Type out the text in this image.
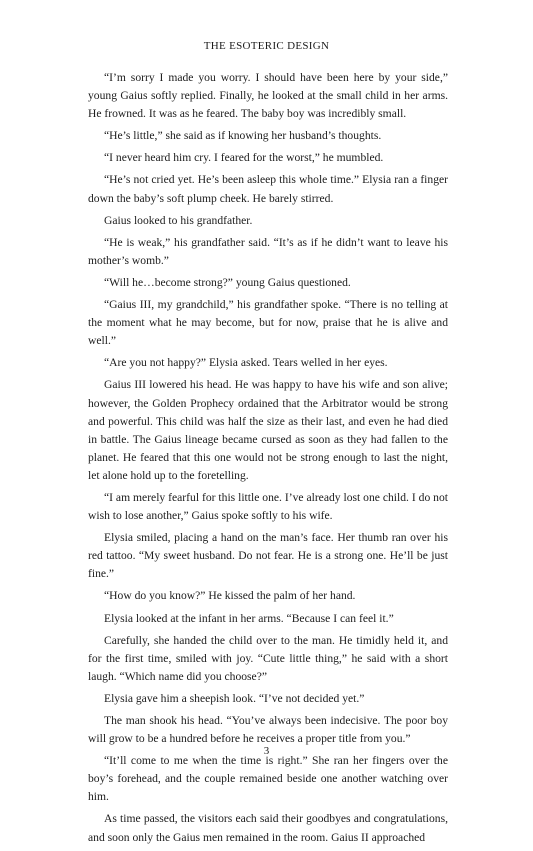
THE ESOTERIC DESIGN

“I’m sorry I made you worry. I should have been here by your side,” young Gaius softly replied. Finally, he looked at the small child in her arms. He frowned. It was as he feared. The baby boy was incredibly small.

“He’s little,” she said as if knowing her husband’s thoughts.

“I never heard him cry. I feared for the worst,” he mumbled.

“He’s not cried yet. He’s been asleep this whole time.” Elysia ran a finger down the baby’s soft plump cheek. He barely stirred.

Gaius looked to his grandfather.

“He is weak,” his grandfather said. “It’s as if he didn’t want to leave his mother’s womb.”

“Will he…become strong?” young Gaius questioned.

“Gaius III, my grandchild,” his grandfather spoke. “There is no telling at the moment what he may become, but for now, praise that he is alive and well.”

“Are you not happy?” Elysia asked. Tears welled in her eyes.

Gaius III lowered his head. He was happy to have his wife and son alive; however, the Golden Prophecy ordained that the Arbitrator would be strong and powerful. This child was half the size as their last, and even he had died in battle. The Gaius lineage became cursed as soon as they had fallen to the planet. He feared that this one would not be strong enough to last the night, let alone hold up to the foretelling.

“I am merely fearful for this little one. I’ve already lost one child. I do not wish to lose another,” Gaius spoke softly to his wife.

Elysia smiled, placing a hand on the man’s face. Her thumb ran over his red tattoo. “My sweet husband. Do not fear. He is a strong one. He’ll be just fine.”

“How do you know?” He kissed the palm of her hand.

Elysia looked at the infant in her arms. “Because I can feel it.”

Carefully, she handed the child over to the man. He timidly held it, and for the first time, smiled with joy. “Cute little thing,” he said with a short laugh. “Which name did you choose?”

Elysia gave him a sheepish look. “I’ve not decided yet.”

The man shook his head. “You’ve always been indecisive. The poor boy will grow to be a hundred before he receives a proper title from you.”

“It’ll come to me when the time is right.” She ran her fingers over the boy’s forehead, and the couple remained beside one another watching over him.

As time passed, the visitors each said their goodbyes and congratulations, and soon only the Gaius men remained in the room. Gaius II approached

3
